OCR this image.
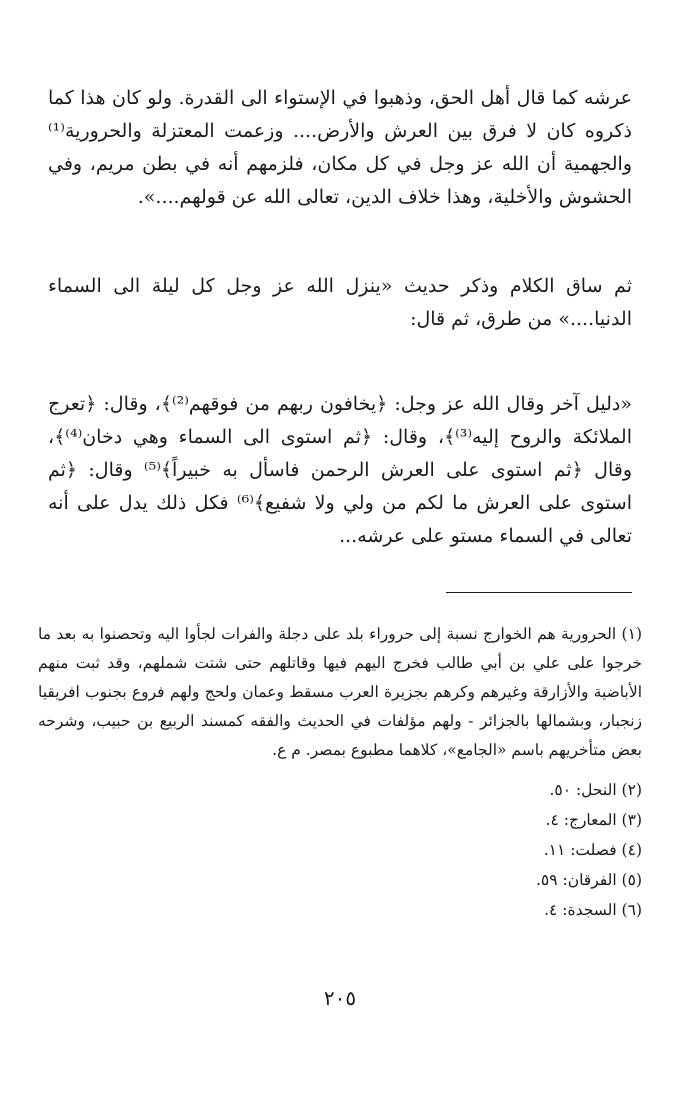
عرشه كما قال أهل الحق، وذهبوا في الإستواء الى القدرة. ولو كان هذا كما ذكروه كان لا فرق بين العرش والأرض.... وزعمت المعتزلة والحرورية⁽¹⁾ والجهمية أن الله عز وجل في كل مكان، فلزمهم أنه في بطن مريم، وفي الحشوش والأخلية، وهذا خلاف الدين، تعالى الله عن قولهم....».

ثم ساق الكلام وذكر حديث «ينزل الله عز وجل كل ليلة الى السماء الدنيا....» من طرق، ثم قال:

«دليل آخر وقال الله عز وجل: ﴿يخافون ربهم من فوقهم⁽²⁾﴾، وقال: ﴿تعرج الملائكة والروح إليه⁽³⁾﴾، وقال: ﴿ثم استوى الى السماء وهي دخان⁽⁴⁾﴾، وقال ﴿ثم استوى على العرش الرحمن فاسأل به خبيراً﴾⁽⁵⁾ وقال: ﴿ثم استوى على العرش ما لكم من ولي ولا شفيع﴾⁽⁶⁾ فكل ذلك يدل على أنه تعالى في السماء مستو على عرشه...

(١) الحرورية هم الخوارج نسبة إلى حروراء بلد على دجلة والفرات لجأوا اليه وتحصنوا به بعد ما خرجوا على علي بن أبي طالب فخرج اليهم فيها وقاتلهم حتى شتت شملهم، وقد ثبت منهم الأباضية والأزارقة وغيرهم وكرهم بجزيرة العرب مسقط وعمان ولحج ولهم فروع بجنوب افريقيا زنجبار، وبشمالها بالجزائر - ولهم مؤلفات في الحديث والفقه كمسند الربيع بن حبيب، وشرحه بعض متأخريهم باسم «الجامع»، كلاهما مطبوع بمصر. م ع.

(٢) النحل: ٥٠.

(٣) المعارج: ٤.

(٤) فصلت: ١١.

(٥) الفرقان: ٥٩.

(٦) السجدة: ٤.

٢٠٥
